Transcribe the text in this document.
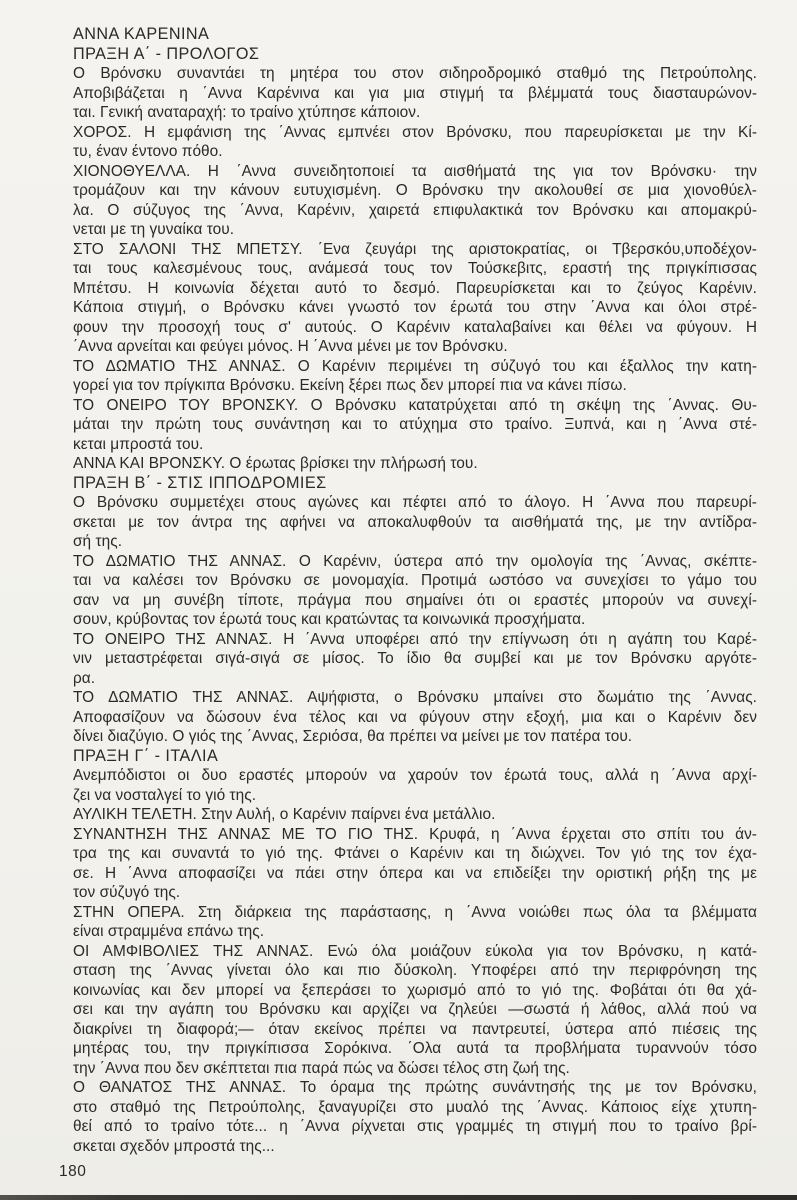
ΑΝΝΑ ΚΑΡΕΝΙΝΑ
ΠΡΑΞΗ Α΄ - ΠΡΟΛΟΓΟΣ
Ο Βρόνσκυ συναντάει τη μητέρα του στον σιδηροδρομικό σταθμό της Πετρούπολης.
Αποβιβάζεται η ΄Αννα Καρένινα και για μια στιγμή τα βλέμματά τους διασταυρώνον-
ται. Γενική αναταραχή: το τραίνο χτύπησε κάποιον.
ΧΟΡΟΣ. Η εμφάνιση της ΄Αννας εμπνέει στον Βρόνσκυ, που παρευρίσκεται με την Κί-
τυ, έναν έντονο πόθο.
ΧΙΟΝΟΘΥΕΛΛΑ. Η ΄Αννα συνειδητοποιεί τα αισθήματά της για τον Βρόνσκυ· την
τρομάζουν και την κάνουν ευτυχισμένη. Ο Βρόνσκυ την ακολουθεί σε μια χιονοθύελ-
λα. Ο σύζυγος της ΄Αννα, Καρένιν, χαιρετά επιφυλακτικά τον Βρόνσκυ και απομακρύ-
νεται με τη γυναίκα του.
ΣΤΟ ΣΑΛΟΝΙ ΤΗΣ ΜΠΕΤΣΥ. ΄Ενα ζευγάρι της αριστοκρατίας, οι Τβερσκόυ,υποδέχον-
ται τους καλεσμένους τους, ανάμεσά τους τον Τούσκεβιτς, εραστή της πριγκίπισσας
Μπέτσυ. Η κοινωνία δέχεται αυτό το δεσμό. Παρευρίσκεται και το ζεύγος Καρένιν.
Κάποια στιγμή, ο Βρόνσκυ κάνει γνωστό τον έρωτά του στην ΄Αννα και όλοι στρέ-
φουν την προσοχή τους σ' αυτούς. Ο Καρένιν καταλαβαίνει και θέλει να φύγουν. Η
΄Αννα αρνείται και φεύγει μόνος. Η ΄Αννα μένει με τον Βρόνσκυ.
ΤΟ ΔΩΜΑΤΙΟ ΤΗΣ ΑΝΝΑΣ. Ο Καρένιν περιμένει τη σύζυγό του και έξαλλος την κατη-
γορεί για τον πρίγκιπα Βρόνσκυ. Εκείνη ξέρει πως δεν μπορεί πια να κάνει πίσω.
ΤΟ ΟΝΕΙΡΟ ΤΟΥ ΒΡΟΝΣΚΥ. Ο Βρόνσκυ κατατρύχεται από τη σκέψη της ΄Αννας. Θυ-
μάται την πρώτη τους συνάντηση και το ατύχημα στο τραίνο. Ξυπνά, και η ΄Αννα στέ-
κεται μπροστά του.
ΑΝΝΑ ΚΑΙ ΒΡΟΝΣΚΥ. Ο έρωτας βρίσκει την πλήρωσή του.
ΠΡΑΞΗ Β΄ - ΣΤΙΣ ΙΠΠΟΔΡΟΜΙΕΣ
Ο Βρόνσκυ συμμετέχει στους αγώνες και πέφτει από το άλογο. Η ΄Αννα που παρευρί-
σκεται με τον άντρα της αφήνει να αποκαλυφθούν τα αισθήματά της, με την αντίδρα-
σή της.
ΤΟ ΔΩΜΑΤΙΟ ΤΗΣ ΑΝΝΑΣ. Ο Καρένιν, ύστερα από την ομολογία της ΄Αννας, σκέπτε-
ται να καλέσει τον Βρόνσκυ σε μονομαχία. Προτιμά ωστόσο να συνεχίσει το γάμο του
σαν να μη συνέβη τίποτε, πράγμα που σημαίνει ότι οι εραστές μπορούν να συνεχί-
σουν, κρύβοντας τον έρωτά τους και κρατώντας τα κοινωνικά προσχήματα.
ΤΟ ΟΝΕΙΡΟ ΤΗΣ ΑΝΝΑΣ. Η ΄Αννα υποφέρει από την επίγνωση ότι η αγάπη του Καρέ-
νιν μεταστρέφεται σιγά-σιγά σε μίσος. Το ίδιο θα συμβεί και με τον Βρόνσκυ αργότε-
ρα.
ΤΟ ΔΩΜΑΤΙΟ ΤΗΣ ΑΝΝΑΣ. Αψήφιστα, ο Βρόνσκυ μπαίνει στο δωμάτιο της ΄Αννας.
Αποφασίζουν να δώσουν ένα τέλος και να φύγουν στην εξοχή, μια και ο Καρένιν δεν
δίνει διαζύγιο. Ο γιός της ΄Αννας, Σεριόσα, θα πρέπει να μείνει με τον πατέρα του.
ΠΡΑΞΗ Γ΄ - ΙΤΑΛΙΑ
Ανεμπόδιστοι οι δυο εραστές μπορούν να χαρούν τον έρωτά τους, αλλά η ΄Αννα αρχί-
ζει να νοσταλγεί το γιό της.
ΑΥΛΙΚΗ ΤΕΛΕΤΗ. Στην Αυλή, ο Καρένιν παίρνει ένα μετάλλιο.
ΣΥΝΑΝΤΗΣΗ ΤΗΣ ΑΝΝΑΣ ΜΕ ΤΟ ΓΙΟ ΤΗΣ. Κρυφά, η ΄Αννα έρχεται στο σπίτι του άν-
τρα της και συναντά το γιό της. Φτάνει ο Καρένιν και τη διώχνει. Τον γιό της τον έχα-
σε. Η ΄Αννα αποφασίζει να πάει στην όπερα και να επιδείξει την οριστική ρήξη της με
τον σύζυγό της.
ΣΤΗΝ ΟΠΕΡΑ. Στη διάρκεια της παράστασης, η ΄Αννα νοιώθει πως όλα τα βλέμματα
είναι στραμμένα επάνω της.
ΟΙ ΑΜΦΙΒΟΛΙΕΣ ΤΗΣ ΑΝΝΑΣ. Ενώ όλα μοιάζουν εύκολα για τον Βρόνσκυ, η κατά-
σταση της ΄Αννας γίνεται όλο και πιο δύσκολη. Υποφέρει από την περιφρόνηση της
κοινωνίας και δεν μπορεί να ξεπεράσει το χωρισμό από το γιό της. Φοβάται ότι θα χά-
σει και την αγάπη του Βρόνσκυ και αρχίζει να ζηλεύει —σωστά ή λάθος, αλλά πού να
διακρίνει τη διαφορά;— όταν εκείνος πρέπει να παντρευτεί, ύστερα από πιέσεις της
μητέρας του, την πριγκίπισσα Σορόκινα. ΄Ολα αυτά τα προβλήματα τυραννούν τόσο
την ΄Αννα που δεν σκέπτεται πια παρά πώς να δώσει τέλος στη ζωή της.
Ο ΘΑΝΑΤΟΣ ΤΗΣ ΑΝΝΑΣ. Το όραμα της πρώτης συνάντησής της με τον Βρόνσκυ,
στο σταθμό της Πετρούπολης, ξαναγυρίζει στο μυαλό της ΄Αννας. Κάποιος είχε χτυπη-
θεί από το τραίνο τότε... η ΄Αννα ρίχνεται στις γραμμές τη στιγμή που το τραίνο βρί-
σκεται σχεδόν μπροστά της...
180
